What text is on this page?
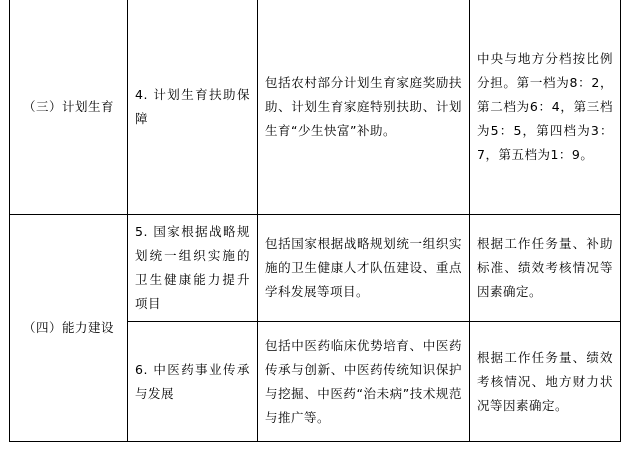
（三）计划生育	4. 计划生育扶助保障	包括农村部分计划生育家庭奖励扶助、计划生育家庭特别扶助、计划生育“少生快富”补助。	中央与地方分档按比例分担。第一档为8：2，第二档为6：4，第三档为5：5，第四档为3：7，第五档为1：9。
（四）能力建设	5. 国家根据战略规划统一组织实施的卫生健康能力提升项目	包括国家根据战略规划统一组织实施的卫生健康人才队伍建设、重点学科发展等项目。	根据工作任务量、补助标准、绩效考核情况等因素确定。
	6. 中医药事业传承与发展	包括中医药临床优势培育、中医药传承与创新、中医药传统知识保护与挖掘、中医药“治未病”技术规范与推广等。	根据工作任务量、绩效考核情况、地方财力状况等因素确定。
